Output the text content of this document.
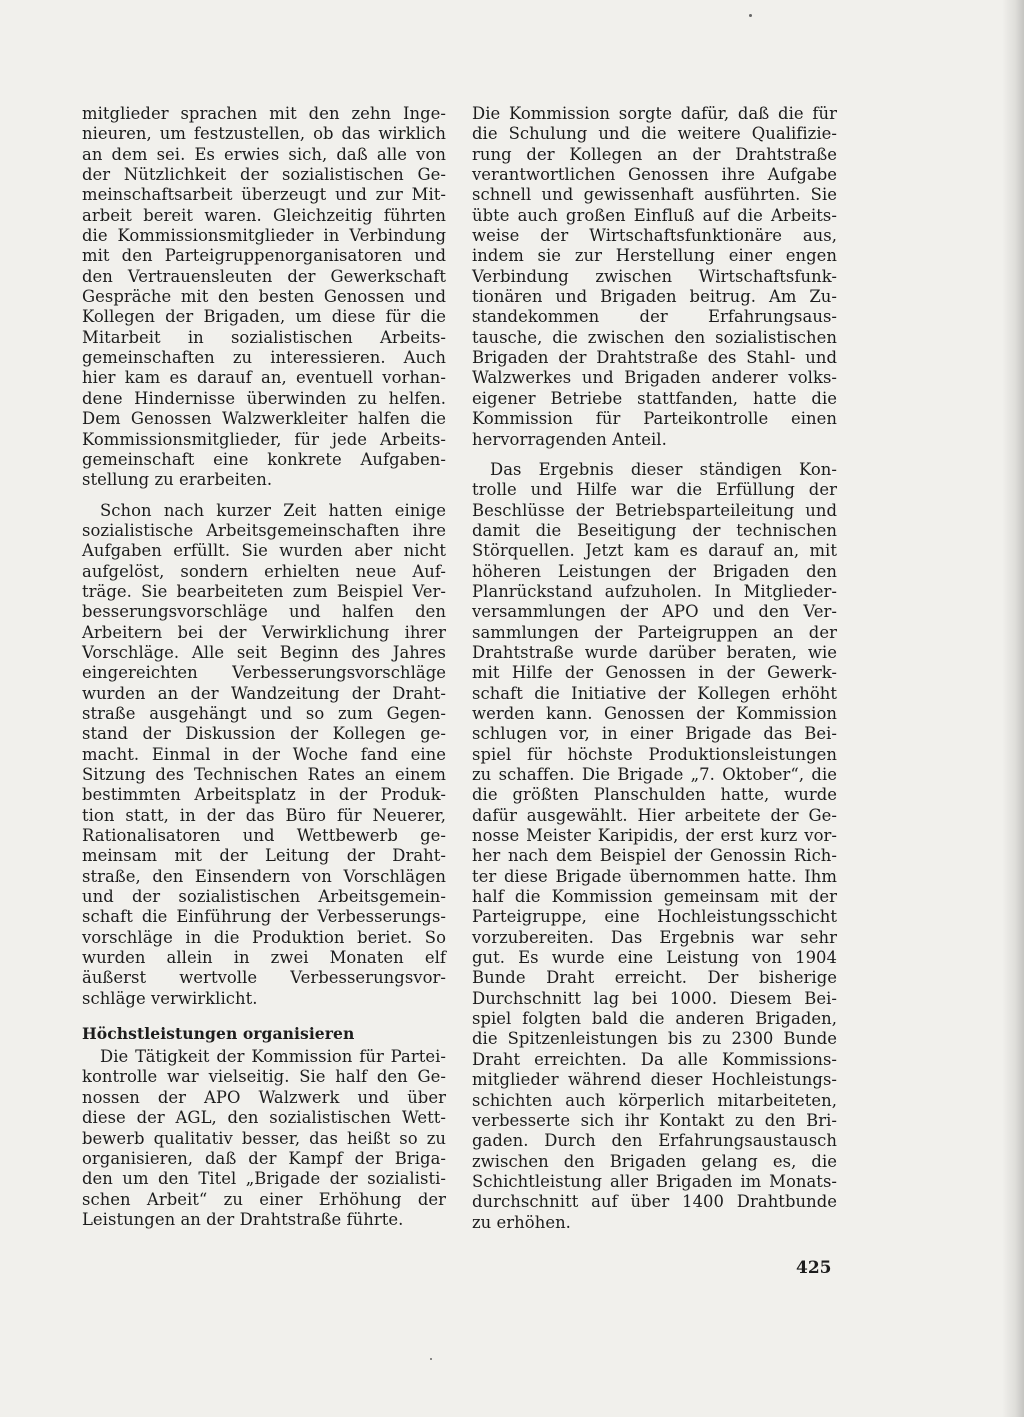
mitglieder sprachen mit den zehn Inge-
nieuren, um festzustellen, ob das wirklich
an dem sei. Es erwies sich, daß alle von
der Nützlichkeit der sozialistischen Ge-
meinschaftsarbeit überzeugt und zur Mit-
arbeit bereit waren. Gleichzeitig führten
die Kommissionsmitglieder in Verbindung
mit den Parteigruppenorganisatoren und
den Vertrauensleuten der Gewerkschaft
Gespräche mit den besten Genossen und
Kollegen der Brigaden, um diese für die
Mitarbeit in sozialistischen Arbeits-
gemeinschaften zu interessieren. Auch
hier kam es darauf an, eventuell vorhan-
dene Hindernisse überwinden zu helfen.
Dem Genossen Walzwerkleiter halfen die
Kommissionsmitglieder, für jede Arbeits-
gemeinschaft eine konkrete Aufgaben-
stellung zu erarbeiten.
Schon nach kurzer Zeit hatten einige
sozialistische Arbeitsgemeinschaften ihre
Aufgaben erfüllt. Sie wurden aber nicht
aufgelöst, sondern erhielten neue Auf-
träge. Sie bearbeiteten zum Beispiel Ver-
besserungsvorschläge und halfen den
Arbeitern bei der Verwirklichung ihrer
Vorschläge. Alle seit Beginn des Jahres
eingereichten Verbesserungsvorschläge
wurden an der Wandzeitung der Draht-
straße ausgehängt und so zum Gegen-
stand der Diskussion der Kollegen ge-
macht. Einmal in der Woche fand eine
Sitzung des Technischen Rates an einem
bestimmten Arbeitsplatz in der Produk-
tion statt, in der das Büro für Neuerer,
Rationalisatoren und Wettbewerb ge-
meinsam mit der Leitung der Draht-
straße, den Einsendern von Vorschlägen
und der sozialistischen Arbeitsgemein-
schaft die Einführung der Verbesserungs-
vorschläge in die Produktion beriet. So
wurden allein in zwei Monaten elf
äußerst wertvolle Verbesserungsvor-
schläge verwirklicht.
Höchstleistungen organisieren
Die Tätigkeit der Kommission für Partei-
kontrolle war vielseitig. Sie half den Ge-
nossen der APO Walzwerk und über
diese der AGL, den sozialistischen Wett-
bewerb qualitativ besser, das heißt so zu
organisieren, daß der Kampf der Briga-
den um den Titel „Brigade der sozialisti-
schen Arbeit“ zu einer Erhöhung der
Leistungen an der Drahtstraße führte.
Die Kommission sorgte dafür, daß die für
die Schulung und die weitere Qualifizie-
rung der Kollegen an der Drahtstraße
verantwortlichen Genossen ihre Aufgabe
schnell und gewissenhaft ausführten. Sie
übte auch großen Einfluß auf die Arbeits-
weise der Wirtschaftsfunktionäre aus,
indem sie zur Herstellung einer engen
Verbindung zwischen Wirtschaftsfunk-
tionären und Brigaden beitrug. Am Zu-
standekommen der Erfahrungsaus-
tausche, die zwischen den sozialistischen
Brigaden der Drahtstraße des Stahl- und
Walzwerkes und Brigaden anderer volks-
eigener Betriebe stattfanden, hatte die
Kommission für Parteikontrolle einen
hervorragenden Anteil.
Das Ergebnis dieser ständigen Kon-
trolle und Hilfe war die Erfüllung der
Beschlüsse der Betriebsparteileitung und
damit die Beseitigung der technischen
Störquellen. Jetzt kam es darauf an, mit
höheren Leistungen der Brigaden den
Planrückstand aufzuholen. In Mitglieder-
versammlungen der APO und den Ver-
sammlungen der Parteigruppen an der
Drahtstraße wurde darüber beraten, wie
mit Hilfe der Genossen in der Gewerk-
schaft die Initiative der Kollegen erhöht
werden kann. Genossen der Kommission
schlugen vor, in einer Brigade das Bei-
spiel für höchste Produktionsleistungen
zu schaffen. Die Brigade „7. Oktober“, die
die größten Planschulden hatte, wurde
dafür ausgewählt. Hier arbeitete der Ge-
nosse Meister Karipidis, der erst kurz vor-
her nach dem Beispiel der Genossin Rich-
ter diese Brigade übernommen hatte. Ihm
half die Kommission gemeinsam mit der
Parteigruppe, eine Hochleistungsschicht
vorzubereiten. Das Ergebnis war sehr
gut. Es wurde eine Leistung von 1904
Bunde Draht erreicht. Der bisherige
Durchschnitt lag bei 1000. Diesem Bei-
spiel folgten bald die anderen Brigaden,
die Spitzenleistungen bis zu 2300 Bunde
Draht erreichten. Da alle Kommissions-
mitglieder während dieser Hochleistungs-
schichten auch körperlich mitarbeiteten,
verbesserte sich ihr Kontakt zu den Bri-
gaden. Durch den Erfahrungsaustausch
zwischen den Brigaden gelang es, die
Schichtleistung aller Brigaden im Monats-
durchschnitt auf über 1400 Drahtbunde
zu erhöhen.
425
